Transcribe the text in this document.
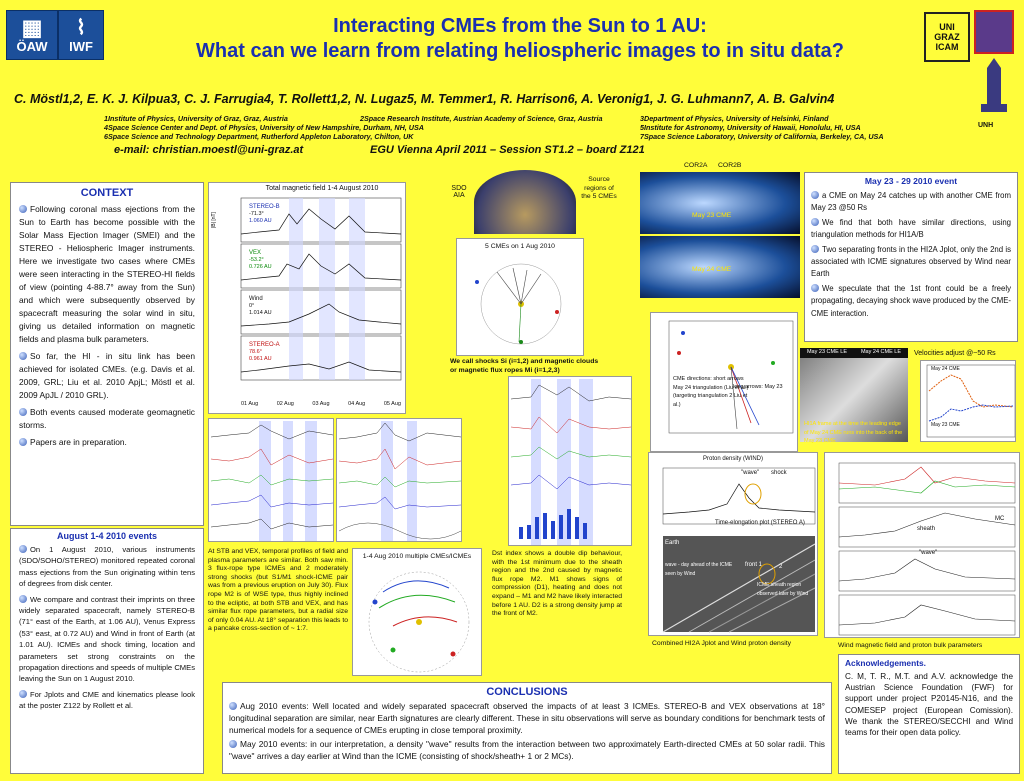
▦
ÖAW
⌇
IWF
UNI GRAZ ICAM
UNH
Interacting CMEs from the Sun to 1 AU:
What can we learn from relating heliospheric images to in situ data?
C. Möstl1,2, E. K. J. Kilpua3, C. J. Farrugia4, T. Rollett1,2, N. Lugaz5, M. Temmer1, R. Harrison6, A. Veronig1, J. G. Luhmann7, A. B. Galvin4
1Institute of Physics, University of Graz, Graz, Austria	2Space Research Institute, Austrian Academy of Science, Graz, Austria	3Department of Physics, University of Helsinki, Finland
4Space Science Center and Dept. of Physics, University of New Hampshire, Durham, NH, USA	5Institute for Astronomy, University of Hawaii, Honolulu, HI, USA
6Space Science and Technology Department, Rutherford Appleton Laboratory, Chilton, UK	7Space Science Laboratory, University of California, Berkeley, CA, USA
e-mail: christian.moestl@uni-graz.at	EGU Vienna April 2011 – Session ST1.2 – board Z121
CONTEXT

Following coronal mass ejections from the Sun to Earth has become possible with the Solar Mass Ejection Imager (SMEI) and the STEREO - Heliospheric Imager instruments. Here we investigate two cases where CMEs were seen interacting in the STEREO-HI fields of view (pointing 4-88.7° away from the Sun) and which were subsequently observed by spacecraft measuring the solar wind in situ, giving us detailed information on magnetic fields and plasma bulk parameters.

So far, the HI - in situ link has been achieved for isolated CMEs. (e.g. Davis et al. 2009, GRL; Liu et al. 2010 ApjL; Möstl et al. 2009 ApJL / 2010 GRL).

Both events caused moderate geomagnetic storms.

Papers are in preparation.

August 1-4 2010 events

On 1 August 2010, various instruments (SDO/SOHO/STEREO) monitored repeated coronal mass ejections from the Sun originating within tens of degrees from disk center.

We compare and contrast their imprints on three widely separated spacecraft, namely STEREO-B (71° east of the Earth, at 1.06 AU), Venus Express (53° east, at 0.72 AU) and Wind in front of Earth (at 1.01 AU). ICMEs and shock timing, location and parameters set strong constraints on the propagation directions and speeds of multiple CMEs leaving the Sun on 1 August 2010.

For Jplots and CME and kinematics please look at the poster Z122 by Rollett et al.

Total magnetic field 1-4 August 2010
|B| [nT]
STEREO-B
-71.3°
1.060 AU
VEX
-53.2°
0.726 AU
Wind
0°
1.014 AU
STEREO-A
78.6°
0.961 AU
01 Aug	02 Aug	03 Aug	04 Aug	05 Aug
SDO AIA
Source regions of the 5 CMEs
5 CMEs on 1 Aug 2010
We call shocks Si (i=1,2) and magnetic clouds or magnetic flux ropes Mi (i=1,2,3)
At STB and VEX, temporal profiles of field and plasma parameters are similar. Both saw min. 3 flux-rope type ICMEs and 2 moderately strong shocks (but S1/M1 shock-ICME pair was from a previous eruption on July 30). Flux rope M2 is of WSE type, thus highly inclined to the ecliptic, at both STB and VEX, and has similar flux rope parameters, but a radial size of only 0.04 AU. At 18° separation this leads to a pancake cross-section of ~ 1:7.
1-4 Aug 2010 multiple CMEs/ICMEs	Dst index shows a double dip behaviour, with the 1st minimum due to the sheath region and the 2nd caused by magnetic flux rope M2. M1 shows signs of compression (D1), heating and does not expand – M1 and M2 have likely interacted before 1 AU. D2 is a strong density jump at the front of M2.
COR2A COR2B
May 23 CME
May 24 CME
May 23 - 29 2010 event

a CME on May 24 catches up with another CME from May 23 @50 Rs

We find that both have similar directions, using triangulation methods for HI1A/B

Two separating fronts in the HI2A Jplot, only the 2nd is associated with ICME signatures observed by Wind near Earth

We speculate that the 1st front could be a freely propagating, decaying shock wave produced by the CME-CME interaction.

CME directions: short arrows May 24 triangulation (Liu et al.) (targeting triangulation 2 Liu et al.)
long arrows: May 23
May 23 CME LE	May 24 CME LE
HI1A frame at the time the leading edge of May 24 CME runs into the back of the May 23 CME
Velocities adjust @~50 Rs
May 24 CME
May 23 CME
Proton density (WIND)
Time-elongation plot (STEREO A)
"wave" shock
Earth
front 1	2
wave - day ahead of the ICME seen by Wind
ICME sheath region observed later by Wind
Combined HI2A Jplot and Wind proton density
MC
sheath
"wave"
Wind magnetic field and proton bulk parameters
CONCLUSIONS

Aug 2010 events: Well located and widely separated spacecraft observed the impacts of at least 3 ICMEs. STEREO-B and VEX observations at 18° longitudinal separation are similar, near Earth signatures are clearly different. These in situ observations will serve as boundary conditions for benchmark tests of numerical models for a sequence of CMEs erupting in close temporal proximity.

May 2010 events: in our interpretation, a density "wave" results from the interaction between two approximately Earth-directed CMEs at 50 solar radii. This "wave" arrives a day earlier at Wind than the ICME (consisting of shock/sheath+ 1 or 2 MCs).

Acknowledgements.
C. M, T. R., M.T. and A.V. acknowledge the Austrian Science Foundation (FWF) for support under project P20145-N16, and the COMESEP project (European Comission). We thank the STEREO/SECCHI and Wind teams for their open data policy.
